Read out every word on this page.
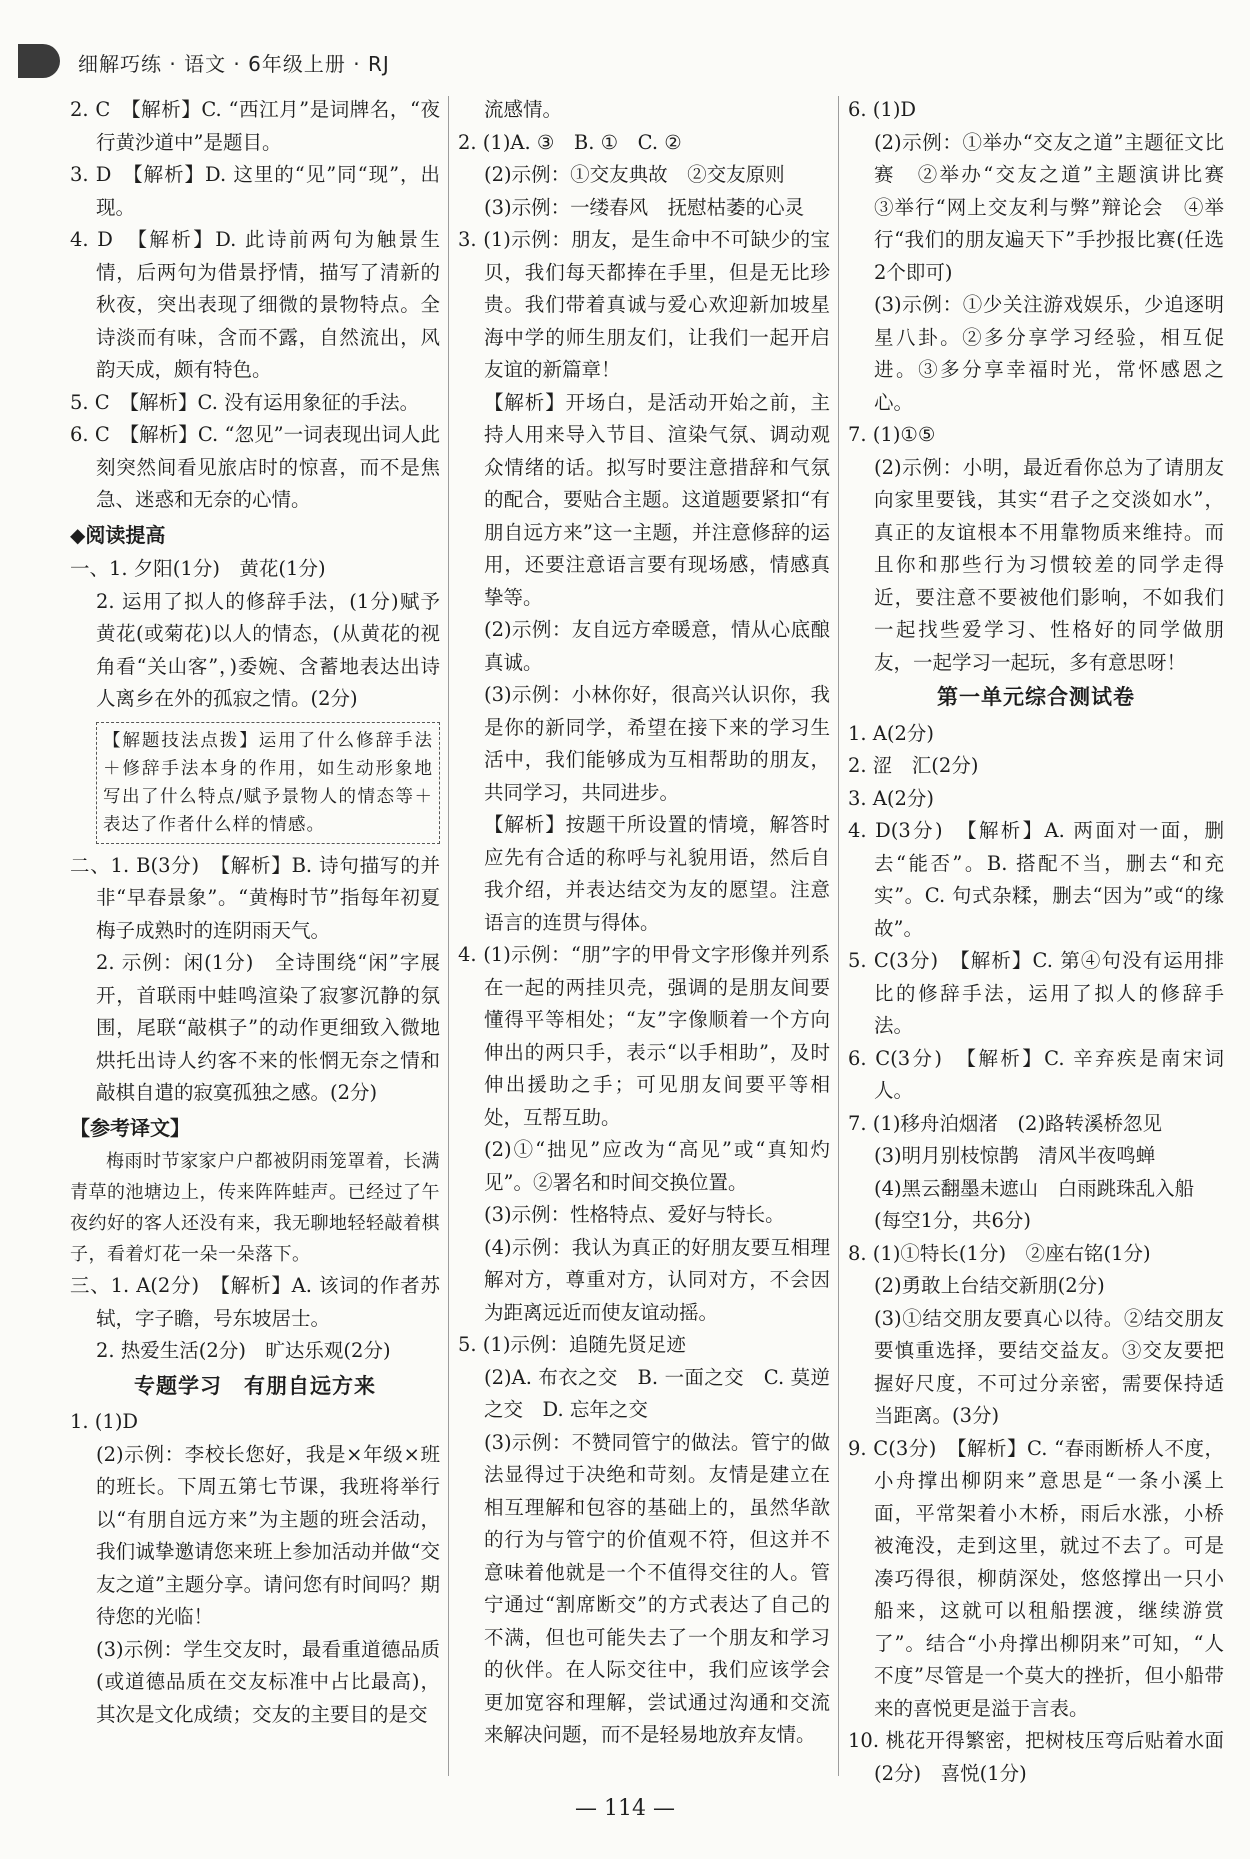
细解巧练 · 语文 · 6年级上册 · RJ

2. C　【解析】C. “西江月”是词牌名，“夜行黄沙道中”是题目。

3. D　【解析】D. 这里的“见”同“现”，出现。

4. D　【解析】D. 此诗前两句为触景生情，后两句为借景抒情，描写了清新的秋夜，突出表现了细微的景物特点。全诗淡而有味，含而不露，自然流出，风韵天成，颇有特色。

5. C　【解析】C. 没有运用象征的手法。

6. C　【解析】C. “忽见”一词表现出词人此刻突然间看见旅店时的惊喜，而不是焦急、迷惑和无奈的心情。

◆阅读提高

一、1. 夕阳(1分)　黄花(1分)

2. 运用了拟人的修辞手法，(1分)赋予黄花(或菊花)以人的情态，(从黄花的视角看“关山客”，)委婉、含蓄地表达出诗人离乡在外的孤寂之情。(2分)

【解题技法点拨】运用了什么修辞手法＋修辞手法本身的作用，如生动形象地写出了什么特点/赋予景物人的情态等＋表达了作者什么样的情感。

二、1. B(3分)　【解析】B. 诗句描写的并非“早春景象”。“黄梅时节”指每年初夏梅子成熟时的连阴雨天气。

2. 示例：闲(1分)　全诗围绕“闲”字展开，首联雨中蛙鸣渲染了寂寥沉静的氛围，尾联“敲棋子”的动作更细致入微地烘托出诗人约客不来的怅惘无奈之情和敲棋自遣的寂寞孤独之感。(2分)

【参考译文】

梅雨时节家家户户都被阴雨笼罩着，长满青草的池塘边上，传来阵阵蛙声。已经过了午夜约好的客人还没有来，我无聊地轻轻敲着棋子，看着灯花一朵一朵落下。

三、1. A(2分)　【解析】A. 该词的作者苏轼，字子瞻，号东坡居士。

2. 热爱生活(2分)　旷达乐观(2分)

专题学习　有朋自远方来

1. (1)D

(2)示例：李校长您好，我是×年级×班的班长。下周五第七节课，我班将举行以“有朋自远方来”为主题的班会活动，我们诚挚邀请您来班上参加活动并做“交友之道”主题分享。请问您有时间吗？期待您的光临！

(3)示例：学生交友时，最看重道德品质(或道德品质在交友标准中占比最高)，其次是文化成绩；交友的主要目的是交

流感情。

2. (1)A. ③　B. ①　C. ②

(2)示例：①交友典故　②交友原则

(3)示例：一缕春风　抚慰枯萎的心灵

3. (1)示例：朋友，是生命中不可缺少的宝贝，我们每天都捧在手里，但是无比珍贵。我们带着真诚与爱心欢迎新加坡星海中学的师生朋友们，让我们一起开启友谊的新篇章！

【解析】开场白，是活动开始之前，主持人用来导入节目、渲染气氛、调动观众情绪的话。拟写时要注意措辞和气氛的配合，要贴合主题。这道题要紧扣“有朋自远方来”这一主题，并注意修辞的运用，还要注意语言要有现场感，情感真挚等。

(2)示例：友自远方牵暖意，情从心底酿真诚。

(3)示例：小林你好，很高兴认识你，我是你的新同学，希望在接下来的学习生活中，我们能够成为互相帮助的朋友，共同学习，共同进步。

【解析】按题干所设置的情境，解答时应先有合适的称呼与礼貌用语，然后自我介绍，并表达结交为友的愿望。注意语言的连贯与得体。

4. (1)示例：“朋”字的甲骨文字形像并列系在一起的两挂贝壳，强调的是朋友间要懂得平等相处；“友”字像顺着一个方向伸出的两只手，表示“以手相助”，及时伸出援助之手；可见朋友间要平等相处，互帮互助。

(2)①“拙见”应改为“高见”或“真知灼见”。②署名和时间交换位置。

(3)示例：性格特点、爱好与特长。

(4)示例：我认为真正的好朋友要互相理解对方，尊重对方，认同对方，不会因为距离远近而使友谊动摇。

5. (1)示例：追随先贤足迹

(2)A. 布衣之交　B. 一面之交　C. 莫逆之交　D. 忘年之交

(3)示例：不赞同管宁的做法。管宁的做法显得过于决绝和苛刻。友情是建立在相互理解和包容的基础上的，虽然华歆的行为与管宁的价值观不符，但这并不意味着他就是一个不值得交往的人。管宁通过“割席断交”的方式表达了自己的不满，但也可能失去了一个朋友和学习的伙伴。在人际交往中，我们应该学会更加宽容和理解，尝试通过沟通和交流来解决问题，而不是轻易地放弃友情。

6. (1)D

(2)示例：①举办“交友之道”主题征文比赛　②举办“交友之道”主题演讲比赛　③举行“网上交友利与弊”辩论会　④举行“我们的朋友遍天下”手抄报比赛(任选2个即可)

(3)示例：①少关注游戏娱乐，少追逐明星八卦。②多分享学习经验，相互促进。③多分享幸福时光，常怀感恩之心。

7. (1)①⑤

(2)示例：小明，最近看你总为了请朋友向家里要钱，其实“君子之交淡如水”，真正的友谊根本不用靠物质来维持。而且你和那些行为习惯较差的同学走得近，要注意不要被他们影响，不如我们一起找些爱学习、性格好的同学做朋友，一起学习一起玩，多有意思呀！

第一单元综合测试卷

1. A(2分)

2. 涩　汇(2分)

3. A(2分)

4. D(3分)　【解析】A. 两面对一面，删去“能否”。B. 搭配不当，删去“和充实”。C. 句式杂糅，删去“因为”或“的缘故”。

5. C(3分)　【解析】C. 第④句没有运用排比的修辞手法，运用了拟人的修辞手法。

6. C(3分)　【解析】C. 辛弃疾是南宋词人。

7. (1)移舟泊烟渚　(2)路转溪桥忽见

(3)明月别枝惊鹊　清风半夜鸣蝉

(4)黑云翻墨未遮山　白雨跳珠乱入船

(每空1分，共6分)

8. (1)①特长(1分)　②座右铭(1分)

(2)勇敢上台结交新朋(2分)

(3)①结交朋友要真心以待。②结交朋友要慎重选择，要结交益友。③交友要把握好尺度，不可过分亲密，需要保持适当距离。(3分)

9. C(3分)　【解析】C. “春雨断桥人不度，小舟撑出柳阴来”意思是“一条小溪上面，平常架着小木桥，雨后水涨，小桥被淹没，走到这里，就过不去了。可是凑巧得很，柳荫深处，悠悠撑出一只小船来，这就可以租船摆渡，继续游赏了”。结合“小舟撑出柳阴来”可知，“人不度”尽管是一个莫大的挫折，但小船带来的喜悦更是溢于言表。

10. 桃花开得繁密，把树枝压弯后贴着水面(2分)　喜悦(1分)

— 114 —
